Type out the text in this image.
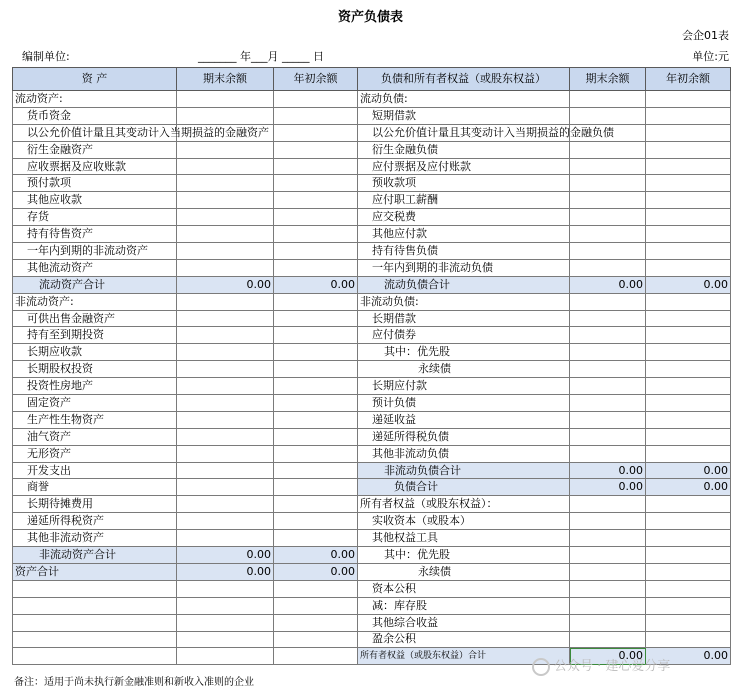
资产负债表
会企01表
编制单位:	_______ 年___月 _____ 日	单位:元
资 产	期末余额	年初余额	负债和所有者权益（或股东权益）	期末余额	年初余额
流动资产:			流动负债:		
货币资金			短期借款		
以公允价值计量且其变动计入当期损益的金融资产			以公允价值计量且其变动计入当期损益的金融负债		
衍生金融资产			衍生金融负债		
应收票据及应收账款			应付票据及应付账款		
预付款项			预收款项		
其他应收款			应付职工薪酬		
存货			应交税费		
持有待售资产			其他应付款		
一年内到期的非流动资产			持有待售负债		
其他流动资产			一年内到期的非流动负债		
流动资产合计	0.00	0.00	流动负债合计	0.00	0.00
非流动资产:			非流动负债:		
可供出售金融资产			长期借款		
持有至到期投资			应付债券		
长期应收款			其中：优先股		
长期股权投资			永续债		
投资性房地产			长期应付款		
固定资产			预计负债		
生产性生物资产			递延收益		
油气资产			递延所得税负债		
无形资产			其他非流动负债		
开发支出			非流动负债合计	0.00	0.00
商誉			负债合计	0.00	0.00
长期待摊费用			所有者权益（或股东权益）：		
递延所得税资产			实收资本（或股本）		
其他非流动资产			其他权益工具		
非流动资产合计	0.00	0.00	其中：优先股		
资产合计	0.00	0.00	永续债		
			资本公积		
			减：库存股		
			其他综合收益		
			盈余公积		
			所有者权益（或股东权益）合计	0.00	0.00
备注：适用于尚未执行新金融准则和新收入准则的企业
公众号 · 建心爱分享
